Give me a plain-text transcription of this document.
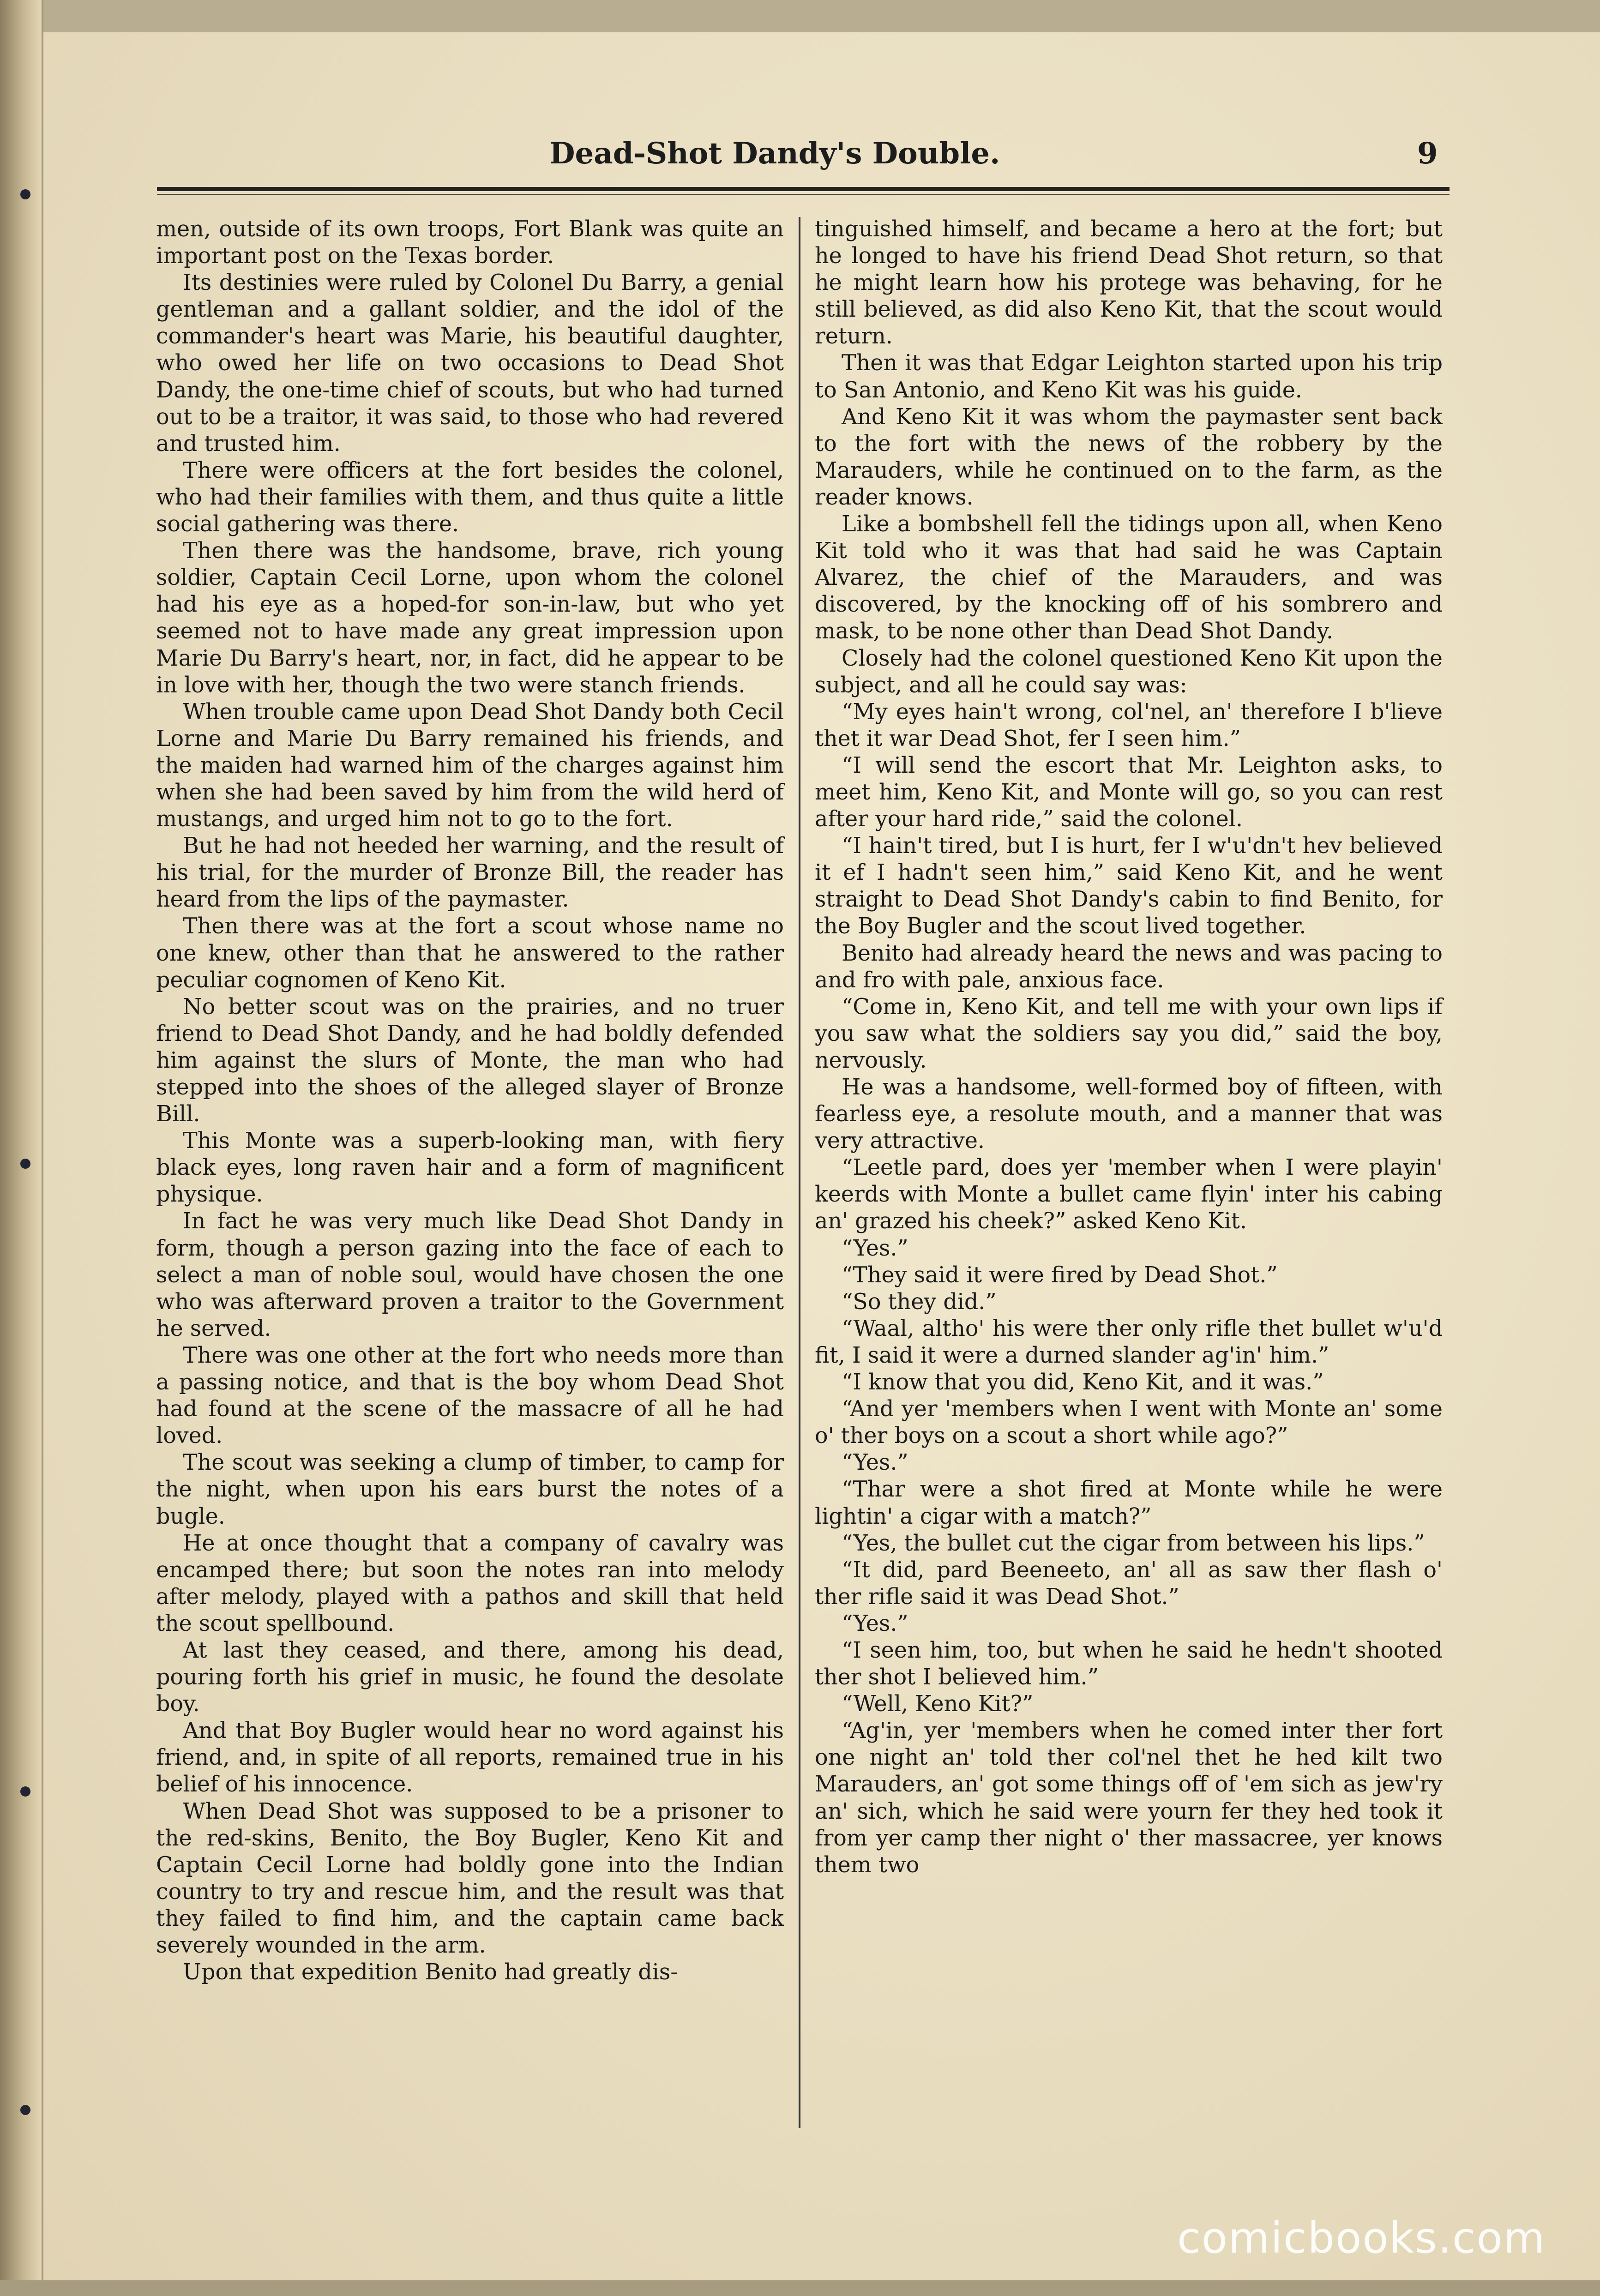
Dead-Shot Dandy's Double.	9

men, outside of its own troops, Fort Blank was quite an important post on the Texas border.

Its destinies were ruled by Colonel Du Barry, a genial gentleman and a gallant soldier, and the idol of the commander's heart was Marie, his beautiful daughter, who owed her life on two occasions to Dead Shot Dandy, the one-time chief of scouts, but who had turned out to be a traitor, it was said, to those who had revered and trusted him.

There were officers at the fort besides the colonel, who had their families with them, and thus quite a little social gathering was there.

Then there was the handsome, brave, rich young soldier, Captain Cecil Lorne, upon whom the colonel had his eye as a hoped-for son-in-law, but who yet seemed not to have made any great impression upon Marie Du Barry's heart, nor, in fact, did he appear to be in love with her, though the two were stanch friends.

When trouble came upon Dead Shot Dandy both Cecil Lorne and Marie Du Barry remained his friends, and the maiden had warned him of the charges against him when she had been saved by him from the wild herd of mustangs, and urged him not to go to the fort.

But he had not heeded her warning, and the result of his trial, for the murder of Bronze Bill, the reader has heard from the lips of the paymaster.

Then there was at the fort a scout whose name no one knew, other than that he answered to the rather peculiar cognomen of Keno Kit.

No better scout was on the prairies, and no truer friend to Dead Shot Dandy, and he had boldly defended him against the slurs of Monte, the man who had stepped into the shoes of the alleged slayer of Bronze Bill.

This Monte was a superb-looking man, with fiery black eyes, long raven hair and a form of magnificent physique.

In fact he was very much like Dead Shot Dandy in form, though a person gazing into the face of each to select a man of noble soul, would have chosen the one who was afterward proven a traitor to the Government he served.

There was one other at the fort who needs more than a passing notice, and that is the boy whom Dead Shot had found at the scene of the massacre of all he had loved.

The scout was seeking a clump of timber, to camp for the night, when upon his ears burst the notes of a bugle.

He at once thought that a company of cavalry was encamped there; but soon the notes ran into melody after melody, played with a pathos and skill that held the scout spellbound.

At last they ceased, and there, among his dead, pouring forth his grief in music, he found the desolate boy.

And that Boy Bugler would hear no word against his friend, and, in spite of all reports, remained true in his belief of his innocence.

When Dead Shot was supposed to be a prisoner to the red-skins, Benito, the Boy Bugler, Keno Kit and Captain Cecil Lorne had boldly gone into the Indian country to try and rescue him, and the result was that they failed to find him, and the captain came back severely wounded in the arm.

Upon that expedition Benito had greatly dis-

tinguished himself, and became a hero at the fort; but he longed to have his friend Dead Shot return, so that he might learn how his protege was behaving, for he still believed, as did also Keno Kit, that the scout would return.

Then it was that Edgar Leighton started upon his trip to San Antonio, and Keno Kit was his guide.

And Keno Kit it was whom the paymaster sent back to the fort with the news of the robbery by the Marauders, while he continued on to the farm, as the reader knows.

Like a bombshell fell the tidings upon all, when Keno Kit told who it was that had said he was Captain Alvarez, the chief of the Marauders, and was discovered, by the knocking off of his sombrero and mask, to be none other than Dead Shot Dandy.

Closely had the colonel questioned Keno Kit upon the subject, and all he could say was:

“My eyes hain't wrong, col'nel, an' therefore I b'lieve thet it war Dead Shot, fer I seen him.”

“I will send the escort that Mr. Leighton asks, to meet him, Keno Kit, and Monte will go, so you can rest after your hard ride,” said the colonel.

“I hain't tired, but I is hurt, fer I w'u'dn't hev believed it ef I hadn't seen him,” said Keno Kit, and he went straight to Dead Shot Dandy's cabin to find Benito, for the Boy Bugler and the scout lived together.

Benito had already heard the news and was pacing to and fro with pale, anxious face.

“Come in, Keno Kit, and tell me with your own lips if you saw what the soldiers say you did,” said the boy, nervously.

He was a handsome, well-formed boy of fifteen, with fearless eye, a resolute mouth, and a manner that was very attractive.

“Leetle pard, does yer 'member when I were playin' keerds with Monte a bullet came flyin' inter his cabing an' grazed his cheek?” asked Keno Kit.

“Yes.”

“They said it were fired by Dead Shot.”

“So they did.”

“Waal, altho' his were ther only rifle thet bullet w'u'd fit, I said it were a durned slander ag'in' him.”

“I know that you did, Keno Kit, and it was.”

“And yer 'members when I went with Monte an' some o' ther boys on a scout a short while ago?”

“Yes.”

“Thar were a shot fired at Monte while he were lightin' a cigar with a match?”

“Yes, the bullet cut the cigar from between his lips.”

“It did, pard Beeneeto, an' all as saw ther flash o' ther rifle said it was Dead Shot.”

“Yes.”

“I seen him, too, but when he said he hedn't shooted ther shot I believed him.”

“Well, Keno Kit?”

“Ag'in, yer 'members when he comed inter ther fort one night an' told ther col'nel thet he hed kilt two Marauders, an' got some things off of 'em sich as jew'ry an' sich, which he said were yourn fer they hed took it from yer camp ther night o' ther massacree, yer knows them two

comicbooks.com
